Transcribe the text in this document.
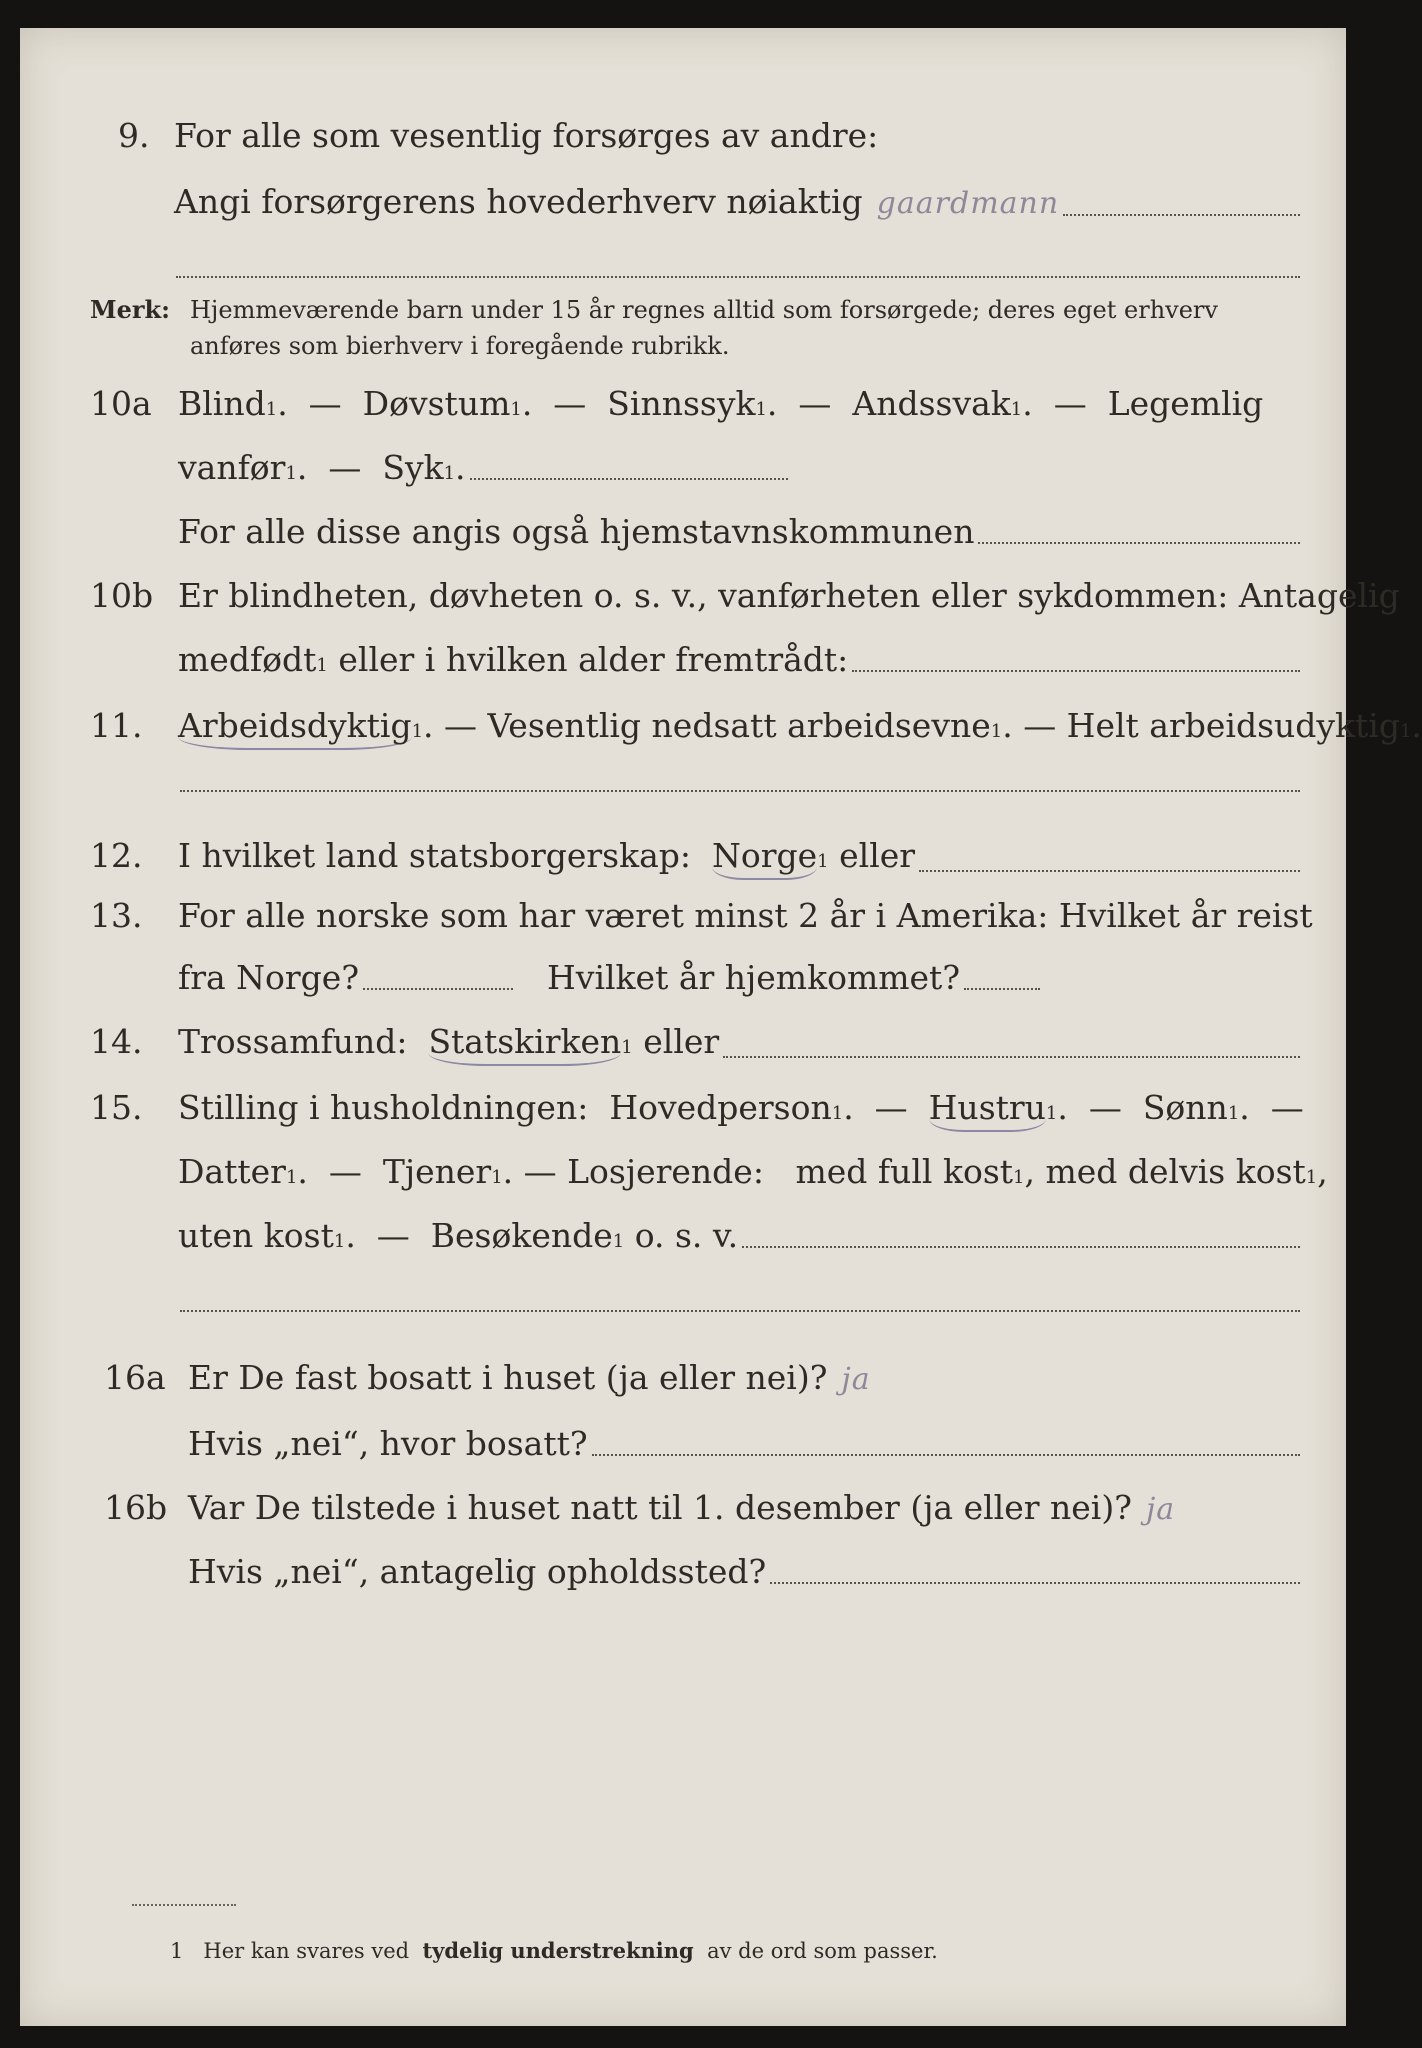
9. For alle som vesentlig forsørges av andre:
Angi forsørgerens hovederhverv nøiaktig gaardmann
Merk: Hjemmeværende barn under 15 år regnes alltid som forsørgede; deres eget erhverv
anføres som bierhverv i foregående rubrikk.
10a Blind 1 .  — Døvstum 1 .  — Sinnssyk 1 .  — Andssvak 1 .  — Legemlig
vanfør 1 .  — Syk 1 .
For alle disse angis også hjemstavnskommunen
10b Er blindheten, døvheten o. s. v., vanførheten eller sykdommen: Antagelig
medfødt 1
eller i hvilken alder fremtrådt:
11.	Arbeidsdyktig 1 . — Vesentlig nedsatt arbeidsevne 1 . — Helt arbeidsudyktig 1 .
12.	I hvilket land statsborgerskap:
Norge 1
eller
13.	For alle norske som har været minst 2 år i Amerika: Hvilket år reist
fra Norge?	Hvilket år hjemkommet?
14.	Trossamfund:
Statskirken 1
eller
15.	Stilling i husholdningen:
Hovedperson 1 .  — Hustru 1 .  — Sønn 1 .  —
Datter 1 .  — Tjener 1 . — Losjerende:
med full kost 1 , med delvis kost 1 ,
uten kost 1 .  — Besøkende 1
o. s. v.
16a Er De fast bosatt i huset (ja eller nei)? ja
Hvis „nei“, hvor bosatt?
16b Var De tilstede i huset natt til 1. desember (ja eller nei)? ja
Hvis „nei“, antagelig opholdssted?
1 Her kan svares ved tydelig understrekning av de ord som passer.
